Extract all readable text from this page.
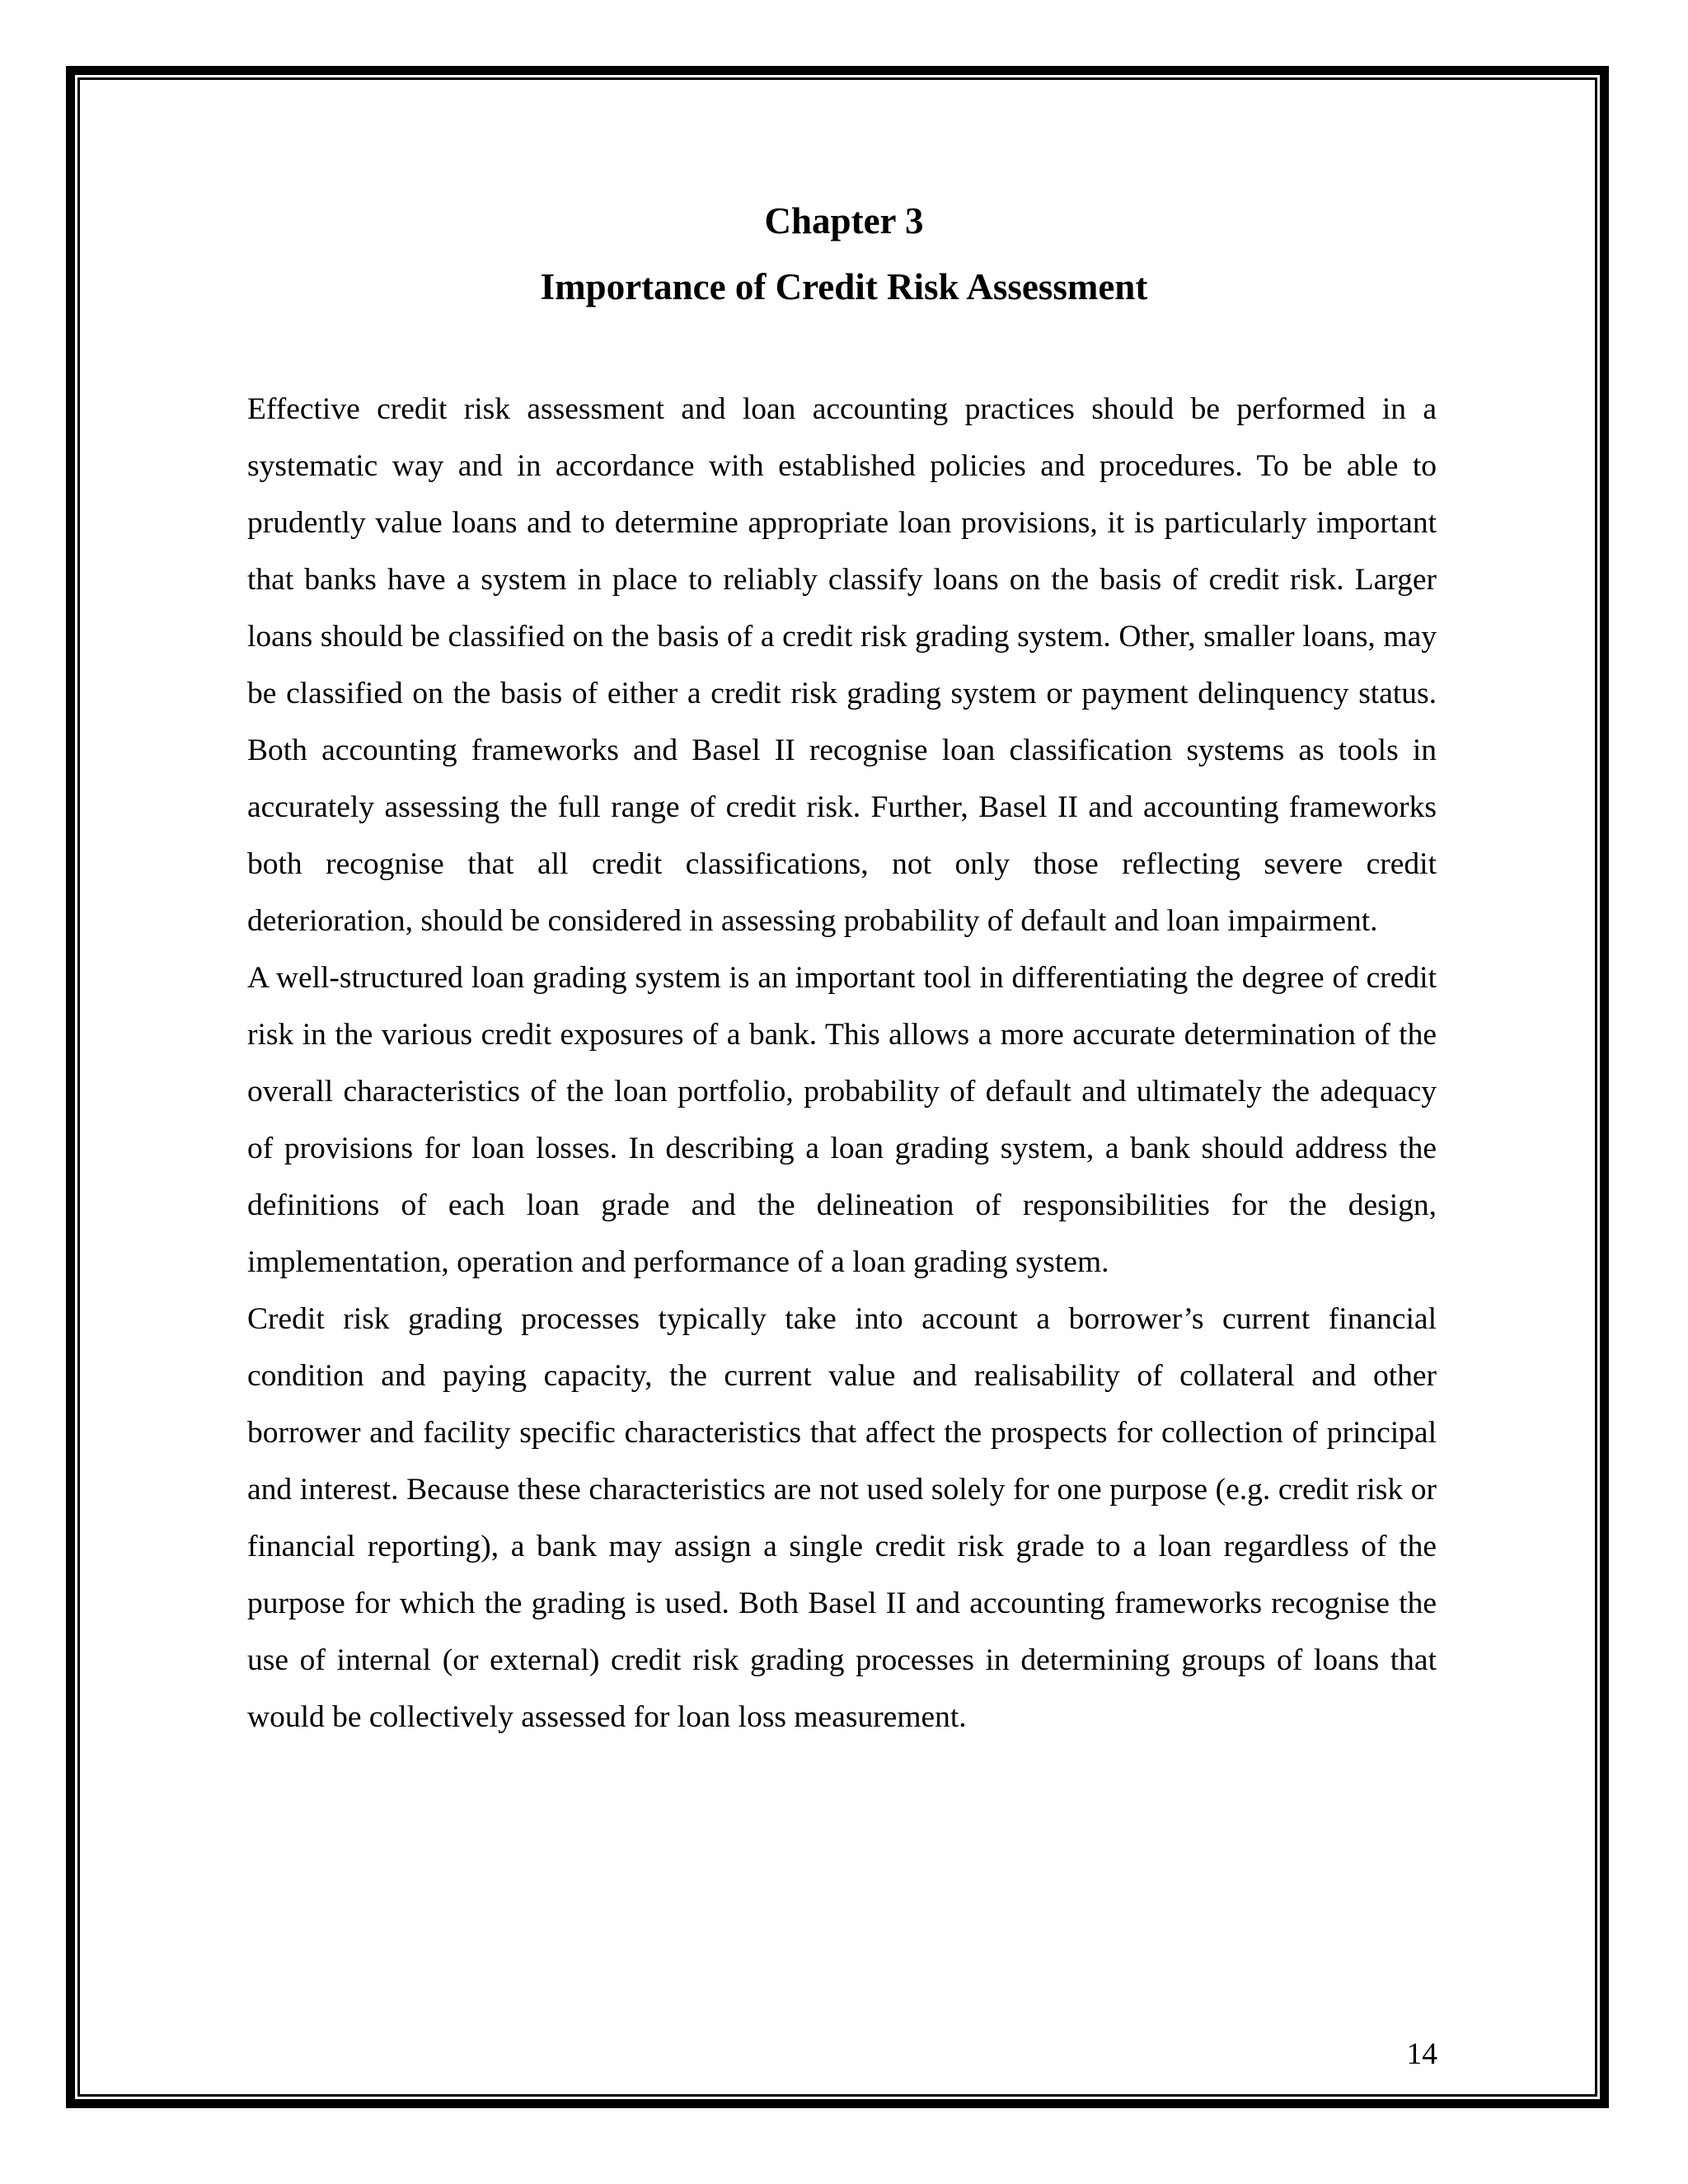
Chapter 3
Importance of Credit Risk Assessment

Effective credit risk assessment and loan accounting practices should be performed in a systematic way and in accordance with established policies and procedures. To be able to prudently value loans and to determine appropriate loan provisions, it is particularly important that banks have a system in place to reliably classify loans on the basis of credit risk. Larger loans should be classified on the basis of a credit risk grading system. Other, smaller loans, may be classified on the basis of either a credit risk grading system or payment delinquency status. Both accounting frameworks and Basel II recognise loan classification systems as tools in accurately assessing the full range of credit risk. Further, Basel II and accounting frameworks both recognise that all credit classifications, not only those reflecting severe credit deterioration, should be considered in assessing probability of default and loan impairment.

A well-structured loan grading system is an important tool in differentiating the degree of credit risk in the various credit exposures of a bank. This allows a more accurate determination of the overall characteristics of the loan portfolio, probability of default and ultimately the adequacy of provisions for loan losses. In describing a loan grading system, a bank should address the definitions of each loan grade and the delineation of responsibilities for the design, implementation, operation and performance of a loan grading system.

Credit risk grading processes typically take into account a borrower’s current financial condition and paying capacity, the current value and realisability of collateral and other borrower and facility specific characteristics that affect the prospects for collection of principal and interest. Because these characteristics are not used solely for one purpose (e.g. credit risk or financial reporting), a bank may assign a single credit risk grade to a loan regardless of the purpose for which the grading is used. Both Basel II and accounting frameworks recognise the use of internal (or external) credit risk grading processes in determining groups of loans that would be collectively assessed for loan loss measurement.

14
